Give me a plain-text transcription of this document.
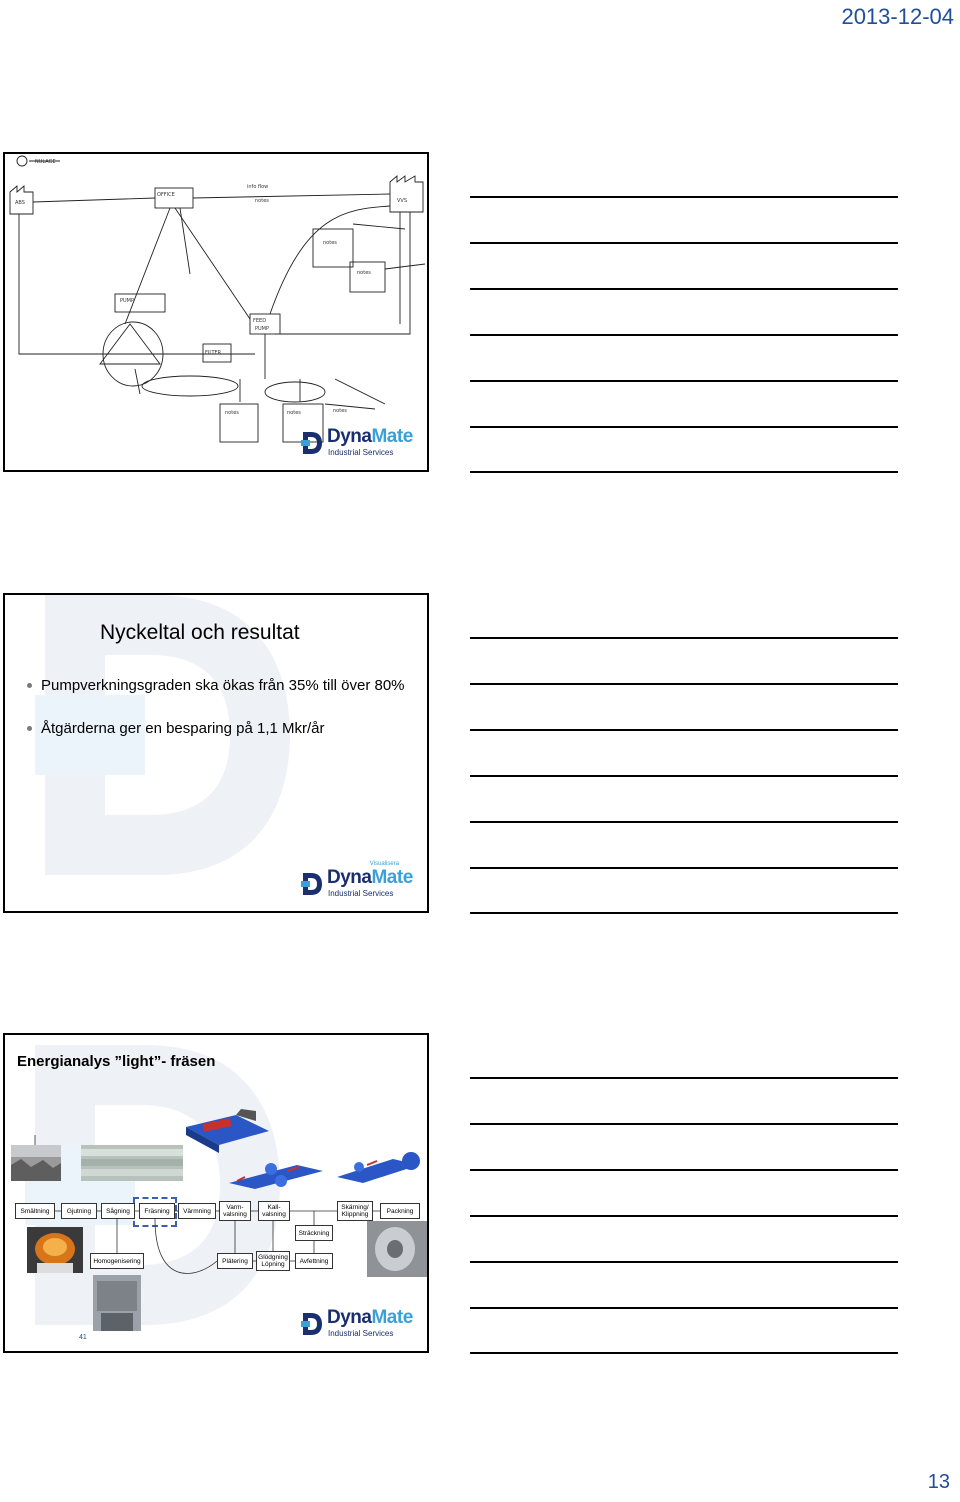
2013-12-04
NULAGE
ABS
OFFICE
info flow
notes	VVS
PUMP
FILTER
FEED
PUMP
notes
notes
notes	notes	notes
DynaMate
Industrial Services
Nyckeltal och resultat
Pumpverkningsgraden ska ökas från 35% till över 80%
Åtgärderna ger en besparing på 1,1 Mkr/år
Visualisera
DynaMate
Industrial Services
Energianalys ”light”- fräsen
Smältning	Gjutning	Sågning	Fräsning	Värmning	Varm-
valsning
Kall-
valsning
Skärning/
Klippning	Packning
Sträckning
Homogenisering	Plätering	Glödgning
Löpning	Avfettning
41
DynaMate
Industrial Services
13
